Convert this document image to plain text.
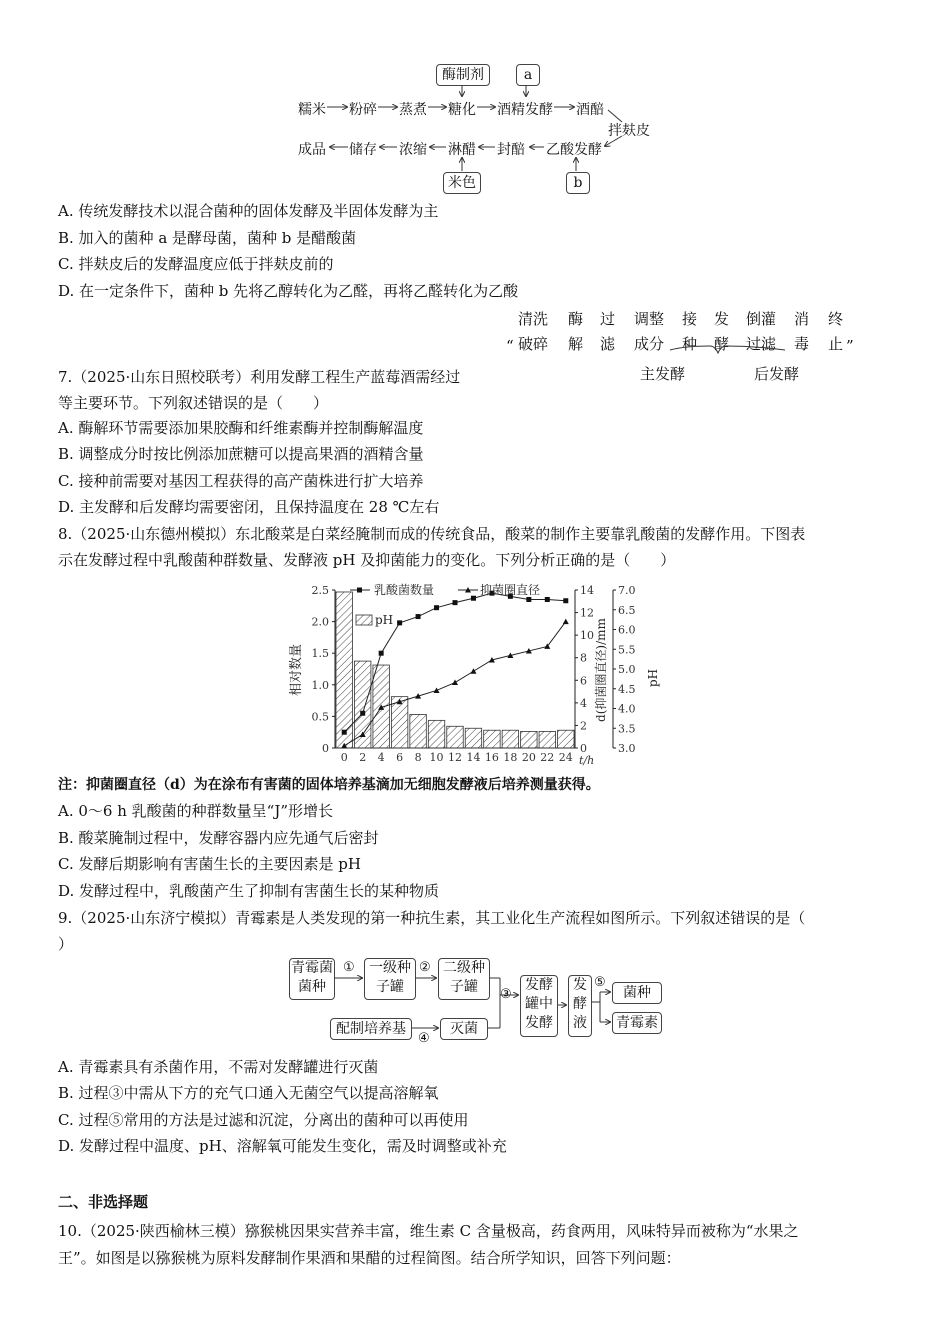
酶制剂	a
糯米 粉碎 蒸煮 糖化 酒精发酵 酒醅
拌麸皮
成品 储存 浓缩 淋醋 封醅 乙酸发酵
米色	b
A. 传统发酵技术以混合菌种的固体发酵及半固体发酵为主
B. 加入的菌种 a 是酵母菌，菌种 b 是醋酸菌
C. 拌麸皮后的发酵温度应低于拌麸皮前的
D. 在一定条件下，菌种 b 先将乙醇转化为乙醛，再将乙醛转化为乙酸
“	”
清洗 酶 过 调整 接 发 倒灌 消 终
破碎 解 滤 成分 种 酵 过滤 毒 止
主发酵	后发酵
7.（2025·山东日照校联考）利用发酵工程生产蓝莓酒需经过
等主要环节。下列叙述错误的是（　　）
A. 酶解环节需要添加果胶酶和纤维素酶并控制酶解温度
B. 调整成分时按比例添加蔗糖可以提高果酒的酒精含量
C. 接种前需要对基因工程获得的高产菌株进行扩大培养
D. 主发酵和后发酵均需要密闭，且保持温度在 28 ℃左右
8.（2025·山东德州模拟）东北酸菜是白菜经腌制而成的传统食品，酸菜的制作主要靠乳酸菌的发酵作用。下图表
示在发酵过程中乳酸菌种群数量、发酵液 pH 及抑菌能力的变化。下列分析正确的是（　　）
0
0.5
1.0
1.5
2.0
2.5
0
2
4
6
8
10
12
14
3.0
3.5
4.0
4.5
5.0
5.5
6.0
6.5
7.0
0 2 4 6 8 10 12 14 16 18 20 22 24 t/h
相对数量	d(抑菌圈直径)/mm	pH
乳酸菌数量	抑菌圈直径
pH
注：抑菌圈直径（d）为在涂布有害菌的固体培养基滴加无细胞发酵液后培养测量获得。
A. 0～6 h 乳酸菌的种群数量呈“J”形增长
B. 酸菜腌制过程中，发酵容器内应先通气后密封
C. 发酵后期影响有害菌生长的主要因素是 pH
D. 发酵过程中，乳酸菌产生了抑制有害菌生长的某种物质
9.（2025·山东济宁模拟）青霉素是人类发现的第一种抗生素，其工业化生产流程如图所示。下列叙述错误的是（
）
青霉菌
菌种
一级种
子罐
二级种
子罐	发酵
罐中
发酵
发
酵
液
菌种
青霉素
配制培养基	灭菌
①	②
③
④
⑤
A. 青霉素具有杀菌作用，不需对发酵罐进行灭菌
B. 过程③中需从下方的充气口通入无菌空气以提高溶解氧
C. 过程⑤常用的方法是过滤和沉淀，分离出的菌种可以再使用
D. 发酵过程中温度、pH、溶解氧可能发生变化，需及时调整或补充
二、非选择题
10.（2025·陕西榆林三模）猕猴桃因果实营养丰富，维生素 C 含量极高，药食两用，风味特异而被称为“水果之
王”。如图是以猕猴桃为原料发酵制作果酒和果醋的过程简图。结合所学知识，回答下列问题：
